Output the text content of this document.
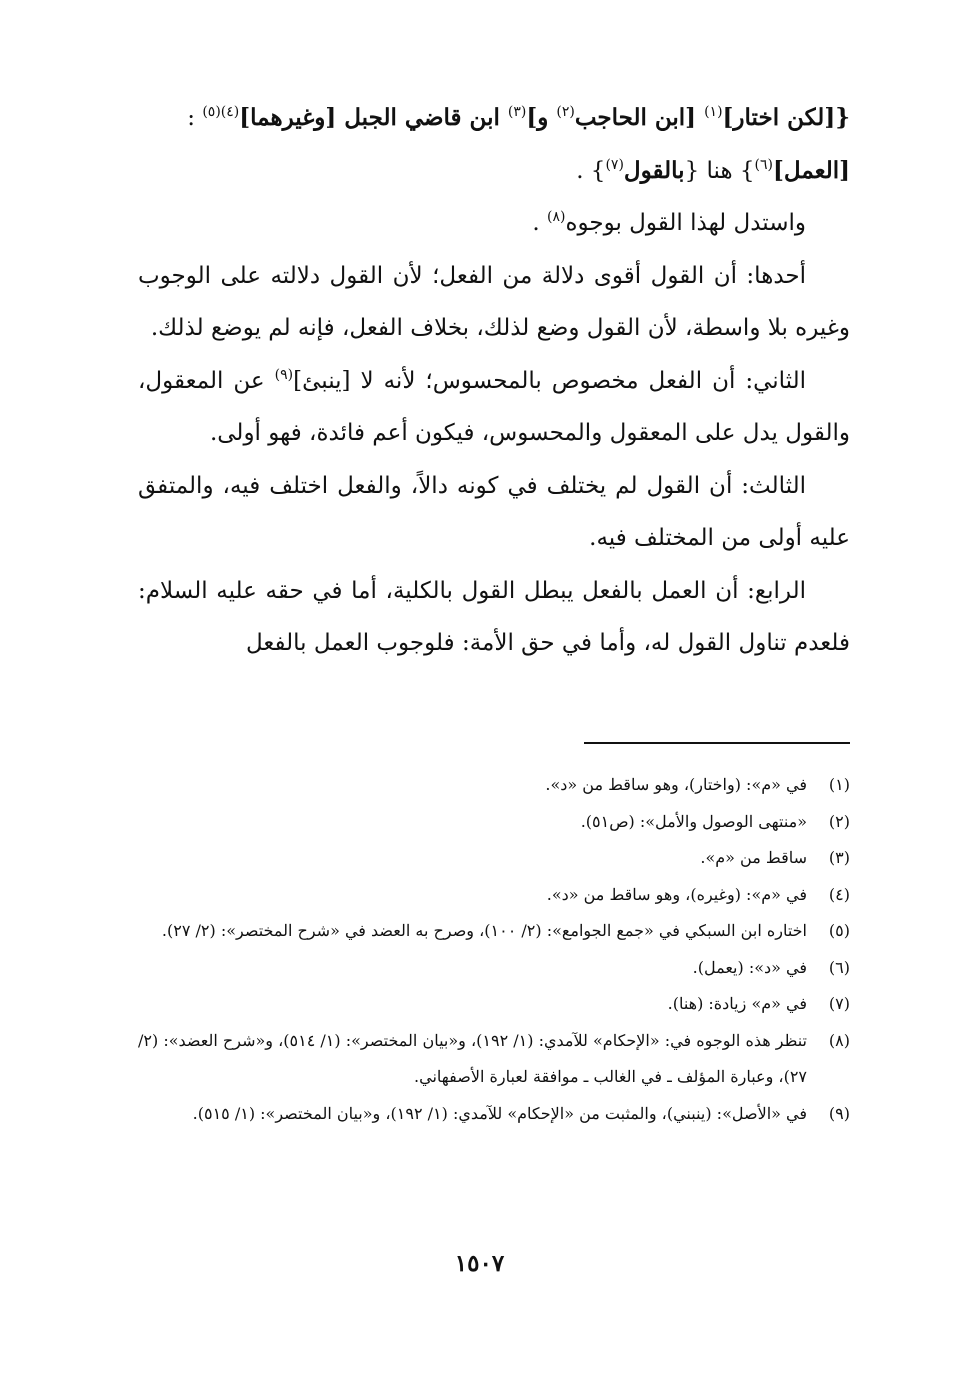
{[لكن اختار]$^{(١)}$ [ابن الحاجب$^{(٢)}$ و]$^{(٣)}$ ابن قاضي الجبل [وغيرهما]$^{(٤)(٥)}$ :

[العمل]$^{(٦)}$} هنا {بالقول$^{(٧)}$} .

واستدل لهذا القول بوجوه$^{(٨)}$ .

أحدها: أن القول أقوى دلالة من الفعل؛ لأن القول دلالته على الوجوب وغيره بلا واسطة، لأن القول وضع لذلك، بخلاف الفعل، فإنه لم يوضع لذلك.

الثاني: أن الفعل مخصوص بالمحسوس؛ لأنه لا [ينبئ]$^{(٩)}$ عن المعقول، والقول يدل على المعقول والمحسوس، فيكون أعم فائدة، فهو أولى.

الثالث: أن القول لم يختلف في كونه دالاً، والفعل اختلف فيه، والمتفق عليه أولى من المختلف فيه.

الرابع: أن العمل بالفعل يبطل القول بالكلية، أما في حقه عليه السلام: فلعدم تناول القول له، وأما في حق الأمة: فلوجوب العمل بالفعل

(١)
في «م»: (واختار)، وهو ساقط من «د».
(٢)
«منتهى الوصول والأمل»: (ص٥١).
(٣)
ساقط من «م».
(٤)
في «م»: (وغيره)، وهو ساقط من «د».
(٥)
اختاره ابن السبكي في «جمع الجوامع»: (٢/ ١٠٠)، وصرح به العضد في «شرح المختصر»: (٢/ ٢٧).
(٦)
في «د»: (يعمل).
(٧)
في «م» زيادة: (هنا).
(٨)
تنظر هذه الوجوه في: «الإحكام» للآمدي: (١/ ١٩٢)، و«بيان المختصر»: (١/ ٥١٤)، و«شرح العضد»: (٢/ ٢٧)، وعبارة المؤلف ـ في الغالب ـ موافقة لعبارة الأصفهاني.
(٩)
في «الأصل»: (ينبني)، والمثبت من «الإحكام» للآمدي: (١/ ١٩٢)، و«بيان المختصر»: (١/ ٥١٥).
١٥٠٧
